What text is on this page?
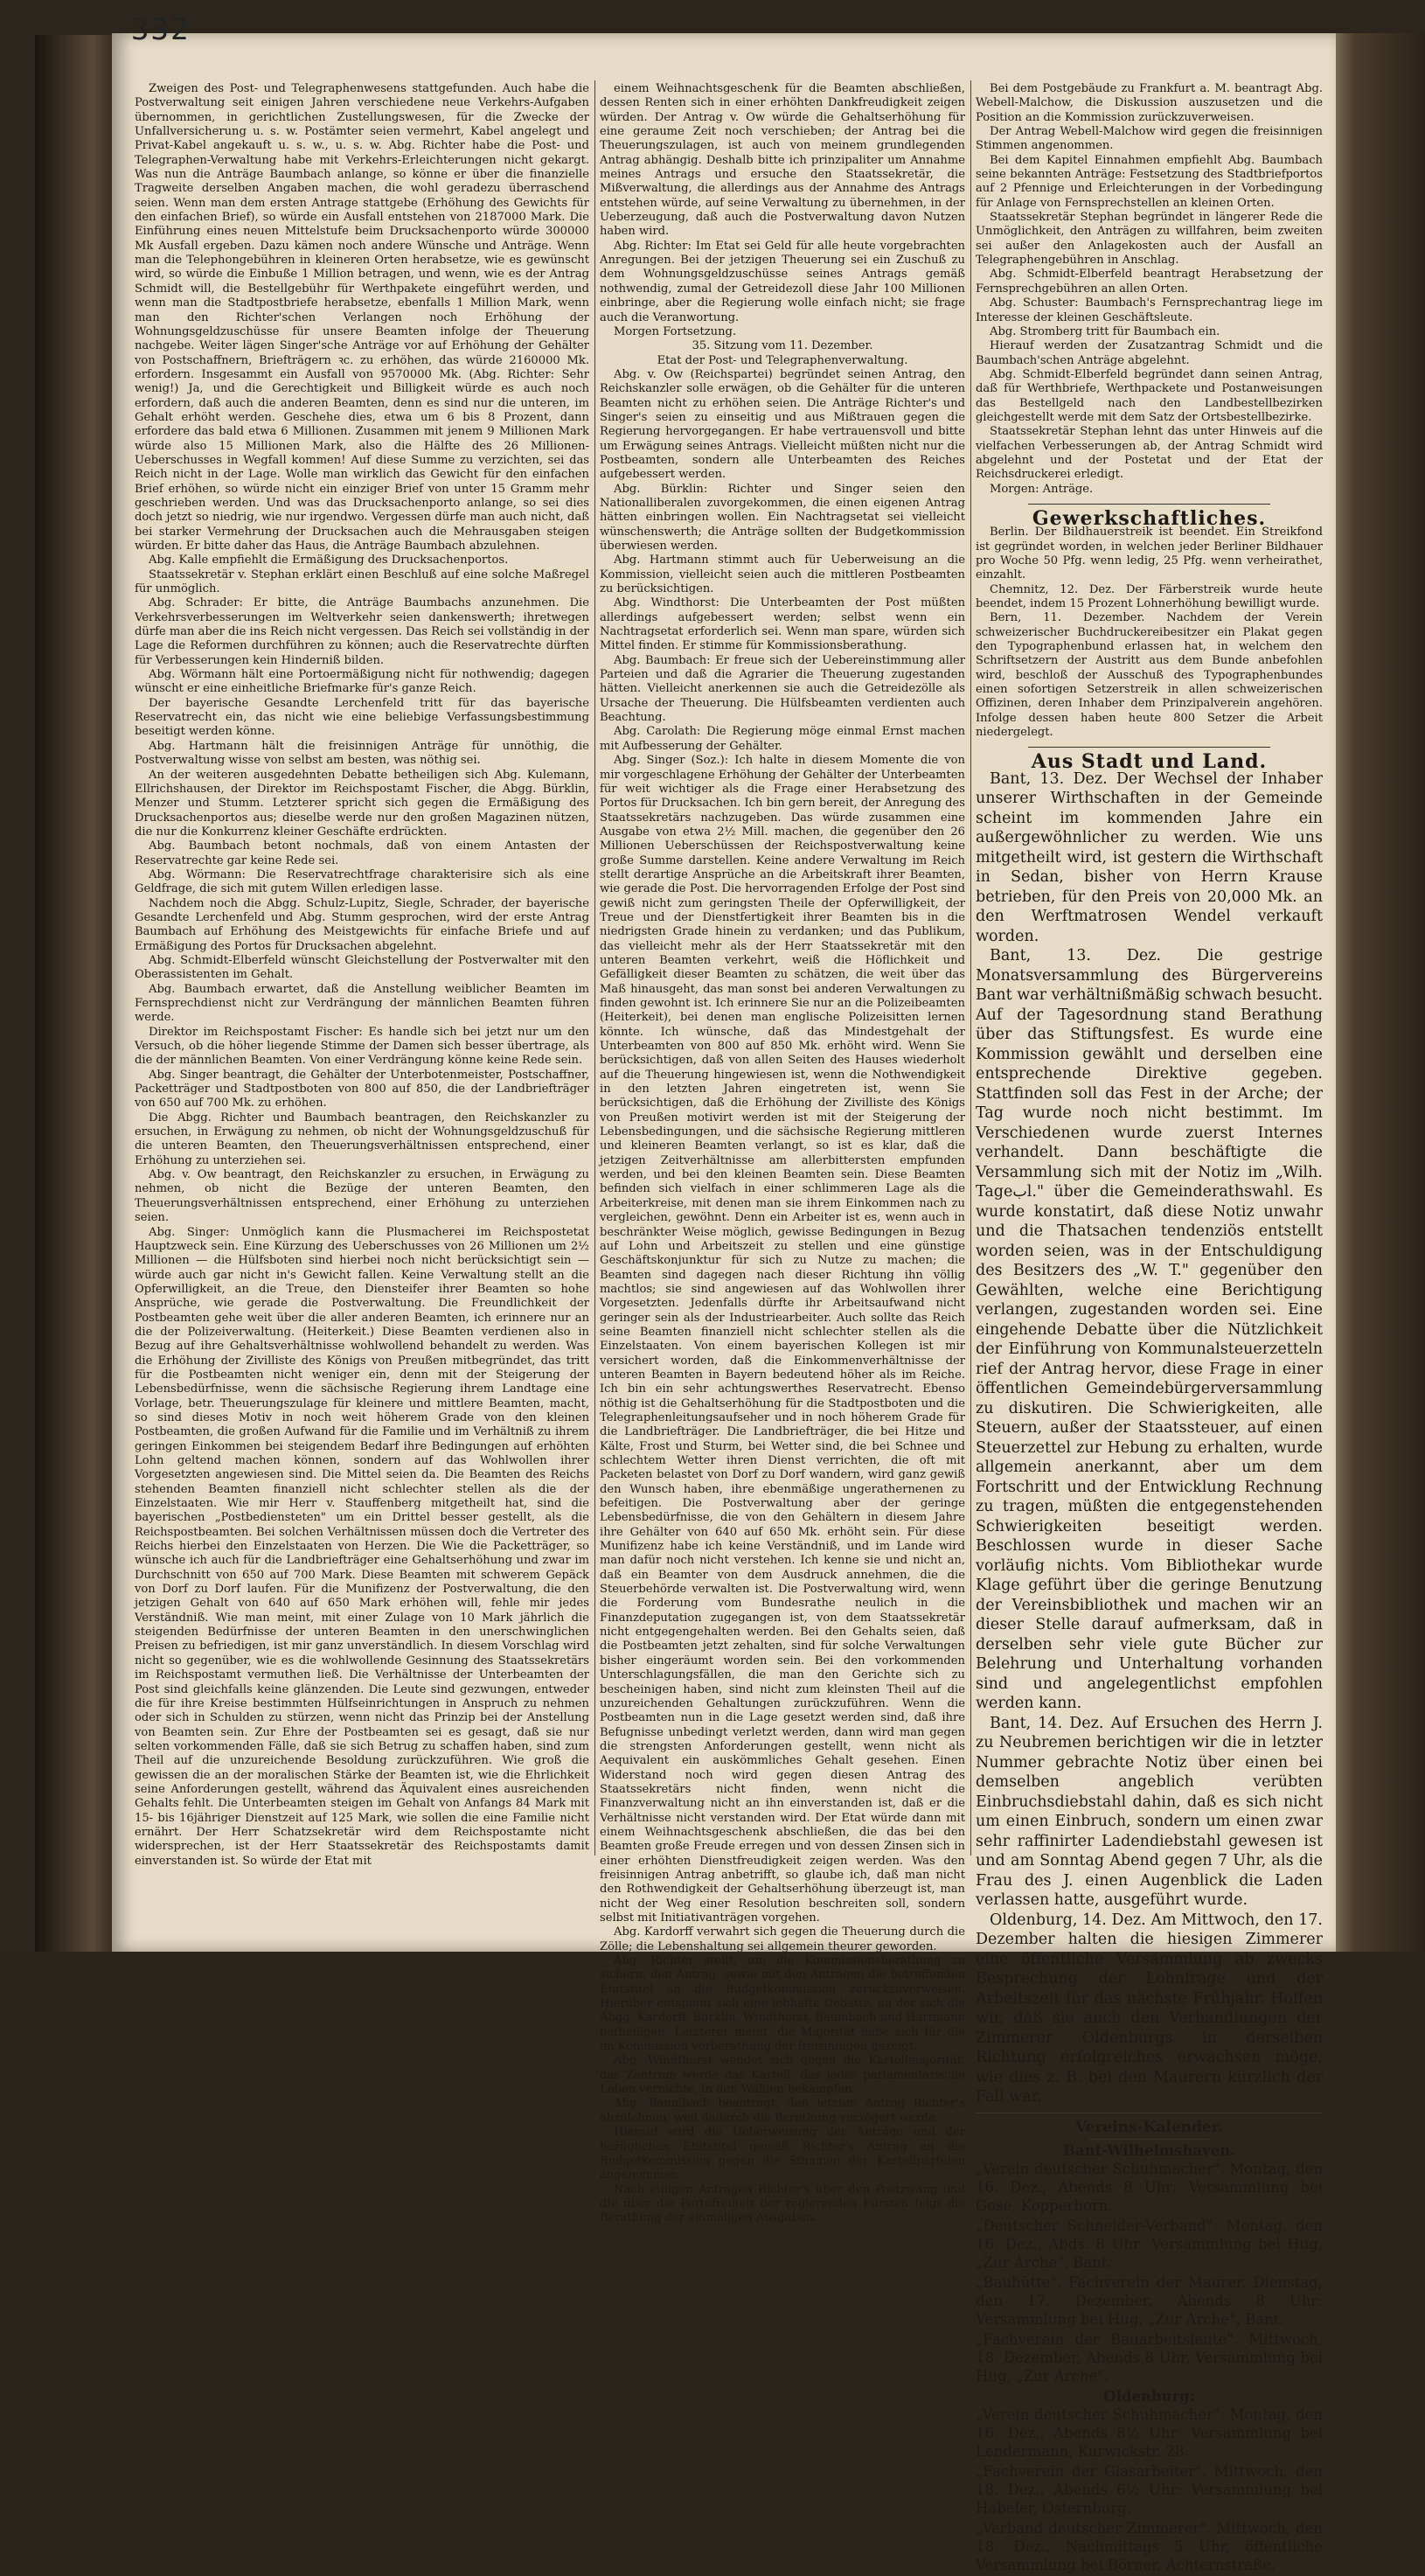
332

Zweigen des Post- und Telegraphenwesens stattgefunden. Auch habe die Postverwaltung seit einigen Jahren verschiedene neue Verkehrs-Aufgaben übernommen, in gerichtlichen Zustellungswesen, für die Zwecke der Unfallversicherung u. s. w. Postämter seien vermehrt, Kabel angelegt und Privat-Kabel angekauft u. s. w., u. s. w. Abg. Richter habe die Post- und Telegraphen-Verwaltung habe mit Verkehrs-Erleichterungen nicht gekargt. Was nun die Anträge Baumbach anlange, so könne er über die finanzielle Tragweite derselben Angaben machen, die wohl geradezu überraschend seien. Wenn man dem ersten Antrage stattgebe (Erhöhung des Gewichts für den einfachen Brief), so würde ein Ausfall entstehen von 2187000 Mark. Die Einführung eines neuen Mittelstufe beim Drucksachenporto würde 300000 Mk Ausfall ergeben. Dazu kämen noch andere Wünsche und Anträge. Wenn man die Telephongebühren in kleineren Orten herabsetze, wie es gewünscht wird, so würde die Einbuße 1 Million betragen, und wenn, wie es der Antrag Schmidt will, die Bestellgebühr für Werthpakete eingeführt werden, und wenn man die Stadtpostbriefe herabsetze, ebenfalls 1 Million Mark, wenn man den Richter'schen Verlangen noch Erhöhung der Wohnungsgeldzuschüsse für unsere Beamten infolge der Theuerung nachgebe. Weiter lägen Singer'sche Anträge vor auf Erhöhung der Gehälter von Postschaffnern, Briefträgern ꝛc. zu erhöhen, das würde 2160000 Mk. erfordern. Insgesammt ein Ausfall von 9570000 Mk. (Abg. Richter: Sehr wenig!) Ja, und die Gerechtigkeit und Billigkeit würde es auch noch erfordern, daß auch die anderen Beamten, denn es sind nur die unteren, im Gehalt erhöht werden. Geschehe dies, etwa um 6 bis 8 Prozent, dann erfordere das bald etwa 6 Millionen. Zusammen mit jenem 9 Millionen Mark würde also 15 Millionen Mark, also die Hälfte des 26 Millionen-Ueberschusses in Wegfall kommen! Auf diese Summe zu verzichten, sei das Reich nicht in der Lage. Wolle man wirklich das Gewicht für den einfachen Brief erhöhen, so würde nicht ein einziger Brief von unter 15 Gramm mehr geschrieben werden. Und was das Drucksachenporto anlange, so sei dies doch jetzt so niedrig, wie nur irgendwo. Vergessen dürfe man auch nicht, daß bei starker Vermehrung der Drucksachen auch die Mehrausgaben steigen würden. Er bitte daher das Haus, die Anträge Baumbach abzulehnen.

Abg. Kalle empfiehlt die Ermäßigung des Drucksachenportos.

Staatssekretär v. Stephan erklärt einen Beschluß auf eine solche Maßregel für unmöglich.

Abg. Schrader: Er bitte, die Anträge Baumbachs anzunehmen. Die Verkehrsverbesserungen im Weltverkehr seien dankenswerth; ihretwegen dürfe man aber die ins Reich nicht vergessen. Das Reich sei vollständig in der Lage die Reformen durchführen zu können; auch die Reservatrechte dürften für Verbesserungen kein Hinderniß bilden.

Abg. Wörmann hält eine Portoermäßigung nicht für nothwendig; dagegen wünscht er eine einheitliche Briefmarke für's ganze Reich.

Der bayerische Gesandte Lerchenfeld tritt für das bayerische Reservatrecht ein, das nicht wie eine beliebige Verfassungsbestimmung beseitigt werden könne.

Abg. Hartmann hält die freisinnigen Anträge für unnöthig, die Postverwaltung wisse von selbst am besten, was nöthig sei.

An der weiteren ausgedehnten Debatte betheiligen sich Abg. Kulemann, Ellrichshausen, der Direktor im Reichspostamt Fischer, die Abgg. Bürklin, Menzer und Stumm. Letzterer spricht sich gegen die Ermäßigung des Drucksachenportos aus; dieselbe werde nur den großen Magazinen nützen, die nur die Konkurrenz kleiner Geschäfte erdrückten.

Abg. Baumbach betont nochmals, daß von einem Antasten der Reservatrechte gar keine Rede sei.

Abg. Wörmann: Die Reservatrechtfrage charakterisire sich als eine Geldfrage, die sich mit gutem Willen erledigen lasse.

Nachdem noch die Abgg. Schulz-Lupitz, Siegle, Schrader, der bayerische Gesandte Lerchenfeld und Abg. Stumm gesprochen, wird der erste Antrag Baumbach auf Erhöhung des Meistgewichts für einfache Briefe und auf Ermäßigung des Portos für Drucksachen abgelehnt.

Abg. Schmidt-Elberfeld wünscht Gleichstellung der Postverwalter mit den Oberassistenten im Gehalt.

Abg. Baumbach erwartet, daß die Anstellung weiblicher Beamten im Fernsprechdienst nicht zur Verdrängung der männlichen Beamten führen werde.

Direktor im Reichspostamt Fischer: Es handle sich bei jetzt nur um den Versuch, ob die höher liegende Stimme der Damen sich besser übertrage, als die der männlichen Beamten. Von einer Verdrängung könne keine Rede sein.

Abg. Singer beantragt, die Gehälter der Unterbotenmeister, Postschaffner, Packetträger und Stadtpostboten von 800 auf 850, die der Landbriefträger von 650 auf 700 Mk. zu erhöhen.

Die Abgg. Richter und Baumbach beantragen, den Reichskanzler zu ersuchen, in Erwägung zu nehmen, ob nicht der Wohnungsgeldzuschuß für die unteren Beamten, den Theuerungsverhältnissen entsprechend, einer Erhöhung zu unterziehen sei.

Abg. v. Ow beantragt, den Reichskanzler zu ersuchen, in Erwägung zu nehmen, ob nicht die Bezüge der unteren Beamten, den Theuerungsverhältnissen entsprechend, einer Erhöhung zu unterziehen seien.

Abg. Singer: Unmöglich kann die Plusmacherei im Reichspostetat Hauptzweck sein. Eine Kürzung des Ueberschusses von 26 Millionen um 2½ Millionen — die Hülfsboten sind hierbei noch nicht berücksichtigt sein — würde auch gar nicht in's Gewicht fallen. Keine Verwaltung stellt an die Opferwilligkeit, an die Treue, den Diensteifer ihrer Beamten so hohe Ansprüche, wie gerade die Postverwaltung. Die Freundlichkeit der Postbeamten gehe weit über die aller anderen Beamten, ich erinnere nur an die der Polizeiverwaltung. (Heiterkeit.) Diese Beamten verdienen also in Bezug auf ihre Gehaltsverhältnisse wohlwollend behandelt zu werden. Was die Erhöhung der Zivilliste des Königs von Preußen mitbegründet, das tritt für die Postbeamten nicht weniger ein, denn mit der Steigerung der Lebensbedürfnisse, wenn die sächsische Regierung ihrem Landtage eine Vorlage, betr. Theuerungszulage für kleinere und mittlere Beamten, macht, so sind dieses Motiv in noch weit höherem Grade von den kleinen Postbeamten, die großen Aufwand für die Familie und im Verhältniß zu ihrem geringen Einkommen bei steigendem Bedarf ihre Bedingungen auf erhöhten Lohn geltend machen können, sondern auf das Wohlwollen ihrer Vorgesetzten angewiesen sind. Die Mittel seien da. Die Beamten des Reichs stehenden Beamten finanziell nicht schlechter stellen als die der Einzelstaaten. Wie mir Herr v. Stauffenberg mitgetheilt hat, sind die bayerischen „Postbediensteten" um ein Drittel besser gestellt, als die Reichspostbeamten. Bei solchen Verhältnissen müssen doch die Vertreter des Reichs hierbei den Einzelstaaten von Herzen. Die Wie die Packetträger, so wünsche ich auch für die Landbriefträger eine Gehaltserhöhung und zwar im Durchschnitt von 650 auf 700 Mark. Diese Beamten mit schwerem Gepäck von Dorf zu Dorf laufen. Für die Munifizenz der Postverwaltung, die den jetzigen Gehalt von 640 auf 650 Mark erhöhen will, fehle mir jedes Verständniß. Wie man meint, mit einer Zulage von 10 Mark jährlich die steigenden Bedürfnisse der unteren Beamten in den unerschwinglichen Preisen zu befriedigen, ist mir ganz unverständlich. In diesem Vorschlag wird nicht so gegenüber, wie es die wohlwollende Gesinnung des Staatssekretärs im Reichspostamt vermuthen ließ. Die Verhältnisse der Unterbeamten der Post sind gleichfalls keine glänzenden. Die Leute sind gezwungen, entweder die für ihre Kreise bestimmten Hülfseinrichtungen in Anspruch zu nehmen oder sich in Schulden zu stürzen, wenn nicht das Prinzip bei der Anstellung von Beamten sein. Zur Ehre der Postbeamten sei es gesagt, daß sie nur selten vorkommenden Fälle, daß sie sich Betrug zu schaffen haben, sind zum Theil auf die unzureichende Besoldung zurückzuführen. Wie groß die gewissen die an der moralischen Stärke der Beamten ist, wie die Ehrlichkeit seine Anforderungen gestellt, während das Äquivalent eines ausreichenden Gehalts fehlt. Die Unterbeamten steigen im Gehalt von Anfangs 84 Mark mit 15- bis 16jähriger Dienstzeit auf 125 Mark, wie sollen die eine Familie nicht ernährt. Der Herr Schatzsekretär wird dem Reichspostamte nicht widersprechen, ist der Herr Staatssekretär des Reichspostamts damit einverstanden ist. So würde der Etat mit

einem Weihnachtsgeschenk für die Beamten abschließen, dessen Renten sich in einer erhöhten Dankfreudigkeit zeigen würden. Der Antrag v. Ow würde die Gehaltserhöhung für eine geraume Zeit noch verschieben; der Antrag bei die Theuerungszulagen, ist auch von meinem grundlegenden Antrag abhängig. Deshalb bitte ich prinzipaliter um Annahme meines Antrags und ersuche den Staatssekretär, die Mißverwaltung, die allerdings aus der Annahme des Antrags entstehen würde, auf seine Verwaltung zu übernehmen, in der Ueberzeugung, daß auch die Postverwaltung davon Nutzen haben wird.

Abg. Richter: Im Etat sei Geld für alle heute vorgebrachten Anregungen. Bei der jetzigen Theuerung sei ein Zuschuß zu dem Wohnungsgeldzuschüsse seines Antrags gemäß nothwendig, zumal der Getreidezoll diese Jahr 100 Millionen einbringe, aber die Regierung wolle einfach nicht; sie frage auch die Veranwortung.

Morgen Fortsetzung.

35. Sitzung vom 11. Dezember.

Etat der Post- und Telegraphenverwaltung.

Abg. v. Ow (Reichspartei) begründet seinen Antrag, den Reichskanzler solle erwägen, ob die Gehälter für die unteren Beamten nicht zu erhöhen seien. Die Anträge Richter's und Singer's seien zu einseitig und aus Mißtrauen gegen die Regierung hervorgegangen. Er habe vertrauensvoll und bitte um Erwägung seines Antrags. Vielleicht müßten nicht nur die Postbeamten, sondern alle Unterbeamten des Reiches aufgebessert werden.

Abg. Bürklin: Richter und Singer seien den Nationalliberalen zuvorgekommen, die einen eigenen Antrag hätten einbringen wollen. Ein Nachtragsetat sei vielleicht wünschenswerth; die Anträge sollten der Budgetkommission überwiesen werden.

Abg. Hartmann stimmt auch für Ueberweisung an die Kommission, vielleicht seien auch die mittleren Postbeamten zu berücksichtigen.

Abg. Windthorst: Die Unterbeamten der Post müßten allerdings aufgebessert werden; selbst wenn ein Nachtragsetat erforderlich sei. Wenn man spare, würden sich Mittel finden. Er stimme für Kommissionsberathung.

Abg. Baumbach: Er freue sich der Uebereinstimmung aller Parteien und daß die Agrarier die Theuerung zugestanden hätten. Vielleicht anerkennen sie auch die Getreidezölle als Ursache der Theuerung. Die Hülfsbeamten verdienten auch Beachtung.

Abg. Carolath: Die Regierung möge einmal Ernst machen mit Aufbesserung der Gehälter.

Abg. Singer (Soz.): Ich halte in diesem Momente die von mir vorgeschlagene Erhöhung der Gehälter der Unterbeamten für weit wichtiger als die Frage einer Herabsetzung des Portos für Drucksachen. Ich bin gern bereit, der Anregung des Staatssekretärs nachzugeben. Das würde zusammen eine Ausgabe von etwa 2½ Mill. machen, die gegenüber den 26 Millionen Ueberschüssen der Reichspostverwaltung keine große Summe darstellen. Keine andere Verwaltung im Reich stellt derartige Ansprüche an die Arbeitskraft ihrer Beamten, wie gerade die Post. Die hervorragenden Erfolge der Post sind gewiß nicht zum geringsten Theile der Opferwilligkeit, der Treue und der Dienstfertigkeit ihrer Beamten bis in die niedrigsten Grade hinein zu verdanken; und das Publikum, das vielleicht mehr als der Herr Staatssekretär mit den unteren Beamten verkehrt, weiß die Höflichkeit und Gefälligkeit dieser Beamten zu schätzen, die weit über das Maß hinausgeht, das man sonst bei anderen Verwaltungen zu finden gewohnt ist. Ich erinnere Sie nur an die Polizeibeamten (Heiterkeit), bei denen man englische Polizeisitten lernen könnte. Ich wünsche, daß das Mindestgehalt der Unterbeamten von 800 auf 850 Mk. erhöht wird. Wenn Sie berücksichtigen, daß von allen Seiten des Hauses wiederholt auf die Theuerung hingewiesen ist, wenn die Nothwendigkeit in den letzten Jahren eingetreten ist, wenn Sie berücksichtigen, daß die Erhöhung der Zivilliste des Königs von Preußen motivirt werden ist mit der Steigerung der Lebensbedingungen, und die sächsische Regierung mittleren und kleineren Beamten verlangt, so ist es klar, daß die jetzigen Zeitverhältnisse am allerbittersten empfunden werden, und bei den kleinen Beamten sein. Diese Beamten befinden sich vielfach in einer schlimmeren Lage als die Arbeiterkreise, mit denen man sie ihrem Einkommen nach zu vergleichen, gewöhnt. Denn ein Arbeiter ist es, wenn auch in beschränkter Weise möglich, gewisse Bedingungen in Bezug auf Lohn und Arbeitszeit zu stellen und eine günstige Geschäftskonjunktur für sich zu Nutze zu machen; die Beamten sind dagegen nach dieser Richtung ihn völlig machtlos; sie sind angewiesen auf das Wohlwollen ihrer Vorgesetzten. Jedenfalls dürfte ihr Arbeitsaufwand nicht geringer sein als der Industriearbeiter. Auch sollte das Reich seine Beamten finanziell nicht schlechter stellen als die Einzelstaaten. Von einem bayerischen Kollegen ist mir versichert worden, daß die Einkommenverhältnisse der unteren Beamten in Bayern bedeutend höher als im Reiche. Ich bin ein sehr achtungswerthes Reservatrecht. Ebenso nöthig ist die Gehaltserhöhung für die Stadtpostboten und die Telegraphenleitungsaufseher und in noch höherem Grade für die Landbriefträger. Die Landbriefträger, die bei Hitze und Kälte, Frost und Sturm, bei Wetter sind, die bei Schnee und schlechtem Wetter ihren Dienst verrichten, die oft mit Packeten belastet von Dorf zu Dorf wandern, wird ganz gewiß den Wunsch haben, ihre ebenmäßige ungerathernenen zu befeitigen. Die Postverwaltung aber der geringe Lebensbedürfnisse, die von den Gehältern in diesem Jahre ihre Gehälter von 640 auf 650 Mk. erhöht sein. Für diese Munifizenz habe ich keine Verständniß, und im Lande wird man dafür noch nicht verstehen. Ich kenne sie und nicht an, daß ein Beamter von dem Ausdruck annehmen, die die Steuerbehörde verwalten ist. Die Postverwaltung wird, wenn die Forderung vom Bundesrathe neulich in die Finanzdeputation zugegangen ist, von dem Staatssekretär nicht entgegengehalten werden. Bei den Gehalts seien, daß die Postbeamten jetzt zehalten, sind für solche Verwaltungen bisher eingeräumt worden sein. Bei den vorkommenden Unterschlagungsfällen, die man den Gerichte sich zu bescheinigen haben, sind nicht zum kleinsten Theil auf die unzureichenden Gehaltungen zurückzuführen. Wenn die Postbeamten nun in die Lage gesetzt werden sind, daß ihre Befugnisse unbedingt verletzt werden, dann wird man gegen die strengsten Anforderungen gestellt, wenn nicht als Aequivalent ein auskömmliches Gehalt gesehen. Einen Widerstand noch wird gegen diesen Antrag des Staatssekretärs nicht finden, wenn nicht die Finanzverwaltung nicht an ihn einverstanden ist, daß er die Verhältnisse nicht verstanden wird. Der Etat würde dann mit einem Weihnachtsgeschenk abschließen, die das bei den Beamten große Freude erregen und von dessen Zinsen sich in einer erhöhten Dienstfreudigkeit zeigen werden. Was den freisinnigen Antrag anbetrifft, so glaube ich, daß man nicht den Rothwendigkeit der Gehaltserhöhung überzeugt ist, man nicht der Weg einer Resolution beschreiten soll, sondern selbst mit Initiativanträgen vorgehen.

Abg. Kardorff verwahrt sich gegen die Theuerung durch die Zölle; die Lebenshaltung sei allgemein theurer geworden.

Abg. Richter stellt, um die Kommissionsberathung zu sichern, den Antrag, sowie mit den Anträgen die betreffenden Etatstitel an die Budgetkommission zurückzuverweisen. Hierüber entspinnt sich eine lebhafte Debatte, an der sich die Abgg. Kardorff, Bürklin, Windthorst, Baumbach und Hartmann betheiligen. Letzterer meint, die Majorität habe sich für die im Kommission vorberathung der freisinnigen gezeigt.

Abg. Windthorst wendet sich gegen die Kartellmajorität, das Zentrum werde das Kartell, das jedes parlamentarische Leben vernichte, in den Wahlen bekämpfen.

Abg. Baumbach beantragt, den letzten Antrag Richter's abzulehnen, weil dadurch die Berathung verzögert werde.

Hierauf wird die Ueberweisung der Anträge und der bezüglichen Etatstitel gemäß Richter's Antrag an die Budgetkommission gegen die Stimmen der Kartellparteien angenommen.

Nach einigen Anfragen Richter's über den Postzwang und die über die Portofreiheit der regierenden Fürsten folgt die Berathung der einmaligen Ausgaben.

Bei dem Postgebäude zu Frankfurt a. M. beantragt Abg. Webell-Malchow, die Diskussion auszusetzen und die Position an die Kommission zurückzuverweisen.

Der Antrag Webell-Malchow wird gegen die freisinnigen Stimmen angenommen.

Bei dem Kapitel Einnahmen empfiehlt Abg. Baumbach seine bekannten Anträge: Festsetzung des Stadtbriefportos auf 2 Pfennige und Erleichterungen in der Vorbedingung für Anlage von Fernsprechstellen an kleinen Orten.

Staatssekretär Stephan begründet in längerer Rede die Unmöglichkeit, den Anträgen zu willfahren, beim zweiten sei außer den Anlagekosten auch der Ausfall an Telegraphengebühren in Anschlag.

Abg. Schmidt-Elberfeld beantragt Herabsetzung der Fernsprechgebühren an allen Orten.

Abg. Schuster: Baumbach's Fernsprechantrag liege im Interesse der kleinen Geschäftsleute.

Abg. Stromberg tritt für Baumbach ein.

Hierauf werden der Zusatzantrag Schmidt und die Baumbach'schen Anträge abgelehnt.

Abg. Schmidt-Elberfeld begründet dann seinen Antrag, daß für Werthbriefe, Werthpackete und Postanweisungen das Bestellgeld nach den Landbestellbezirken gleichgestellt werde mit dem Satz der Ortsbestellbezirke.

Staatssekretär Stephan lehnt das unter Hinweis auf die vielfachen Verbesserungen ab, der Antrag Schmidt wird abgelehnt und der Postetat und der Etat der Reichsdruckerei erledigt.

Morgen: Anträge.

Gewerkschaftliches.

Berlin. Der Bildhauerstreik ist beendet. Ein Streikfond ist gegründet worden, in welchen jeder Berliner Bildhauer pro Woche 50 Pfg. wenn ledig, 25 Pfg. wenn verheirathet, einzahlt.

Chemnitz, 12. Dez. Der Färberstreik wurde heute beendet, indem 15 Prozent Lohnerhöhung bewilligt wurde.

Bern, 11. Dezember. Nachdem der Verein schweizerischer Buchdruckereibesitzer ein Plakat gegen den Typographenbund erlassen hat, in welchem den Schriftsetzern der Austritt aus dem Bunde anbefohlen wird, beschloß der Ausschuß des Typographenbundes einen sofortigen Setzerstreik in allen schweizerischen Offizinen, deren Inhaber dem Prinzipalverein angehören. Infolge dessen haben heute 800 Setzer die Arbeit niedergelegt.

Aus Stadt und Land.

Bant, 13. Dez. Der Wechsel der Inhaber unserer Wirthschaften in der Gemeinde scheint im kommenden Jahre ein außergewöhnlicher zu werden. Wie uns mitgetheilt wird, ist gestern die Wirthschaft in Sedan, bisher von Herrn Krause betrieben, für den Preis von 20,000 Mk. an den Werftmatrosen Wendel verkauft worden.

Bant, 13. Dez. Die gestrige Monatsversammlung des Bürgervereins Bant war verhältnißmäßig schwach besucht. Auf der Tagesordnung stand Berathung über das Stiftungsfest. Es wurde eine Kommission gewählt und derselben eine entsprechende Direktive gegeben. Stattfinden soll das Fest in der Arche; der Tag wurde noch nicht bestimmt. Im Verschiedenen wurde zuerst Internes verhandelt. Dann beschäftigte die Versammlung sich mit der Notiz im „Wilh. Tageبl." über die Gemeinderathswahl. Es wurde konstatirt, daß diese Notiz unwahr und die Thatsachen tendenziös entstellt worden seien, was in der Entschuldigung des Besitzers des „W. T." gegenüber den Gewählten, welche eine Berichtigung verlangen, zugestanden worden sei. Eine eingehende Debatte über die Nützlichkeit der Einführung von Kommunalsteuerzetteln rief der Antrag hervor, diese Frage in einer öffentlichen Gemeindebürgerversammlung zu diskutiren. Die Schwierigkeiten, alle Steuern, außer der Staatssteuer, auf einen Steuerzettel zur Hebung zu erhalten, wurde allgemein anerkannt, aber um dem Fortschritt und der Entwicklung Rechnung zu tragen, müßten die entgegenstehenden Schwierigkeiten beseitigt werden. Beschlossen wurde in dieser Sache vorläufig nichts. Vom Bibliothekar wurde Klage geführt über die geringe Benutzung der Vereinsbibliothek und machen wir an dieser Stelle darauf aufmerksam, daß in derselben sehr viele gute Bücher zur Belehrung und Unterhaltung vorhanden sind und angelegentlichst empfohlen werden kann.

Bant, 14. Dez. Auf Ersuchen des Herrn J. zu Neubremen berichtigen wir die in letzter Nummer gebrachte Notiz über einen bei demselben angeblich verübten Einbruchsdiebstahl dahin, daß es sich nicht um einen Einbruch, sondern um einen zwar sehr raffinirter Ladendiebstahl gewesen ist und am Sonntag Abend gegen 7 Uhr, als die Frau des J. einen Augenblick die Laden verlassen hatte, ausgeführt wurde.

Oldenburg, 14. Dez. Am Mittwoch, den 17. Dezember halten die hiesigen Zimmerer eine öffentliche Versammlung ab zwecks Besprechung der Lohnfrage und der Arbeitszeit für das nächste Frühjahr. Hoffen wir, daß sie auch den Verhandlungen der Zimmerer Oldenburgs in derselben Richtung erfolgreiches erwachsen möge, wie dies z. B. bei den Maurern kürzlich der Fall war.

Vereins-Kalender.

Bant-Wilhelmshaven.

„Verein deutscher Schuhmacher". Montag, den 16. Dez., Abends 8 Uhr: Versammlung bei Gose, Kopperhorn.

„Deutscher Schneider-Verband". Montag, den 16. Dez., Abds. 8 Uhr: Versammlung bei Hug, „Zur Arche", Bant.

„Bauhütte", Fachverein der Maurer. Dienstag, den 17. Dezember, Abends 8 Uhr: Versammlung bei Hug, „Zur Arche", Bant.

„Fachverein der Bauarbeitsleute". Mittwoch, 18. Dezember, Abends 8 Uhr, Versammlung bei Hug, „Zur Arche".

Oldenburg:

„Verein deutscher Schuhmacher". Montag, den 16. Dez., Abends 8½ Uhr: Versammlung bei Lendermann, Kurwickstr. 28.

„Fachverein der Glasarbeiter". Mittwoch, den 18. Dez., Abends 6½ Uhr: Versammlung bei Habeler, Osternburg.

„Verband deutscher Zimmerer". Mittwoch, den 18. Dez., Nachmittags 5 Uhr, öffentliche Versammlung bei Börner, Achternstraße.
